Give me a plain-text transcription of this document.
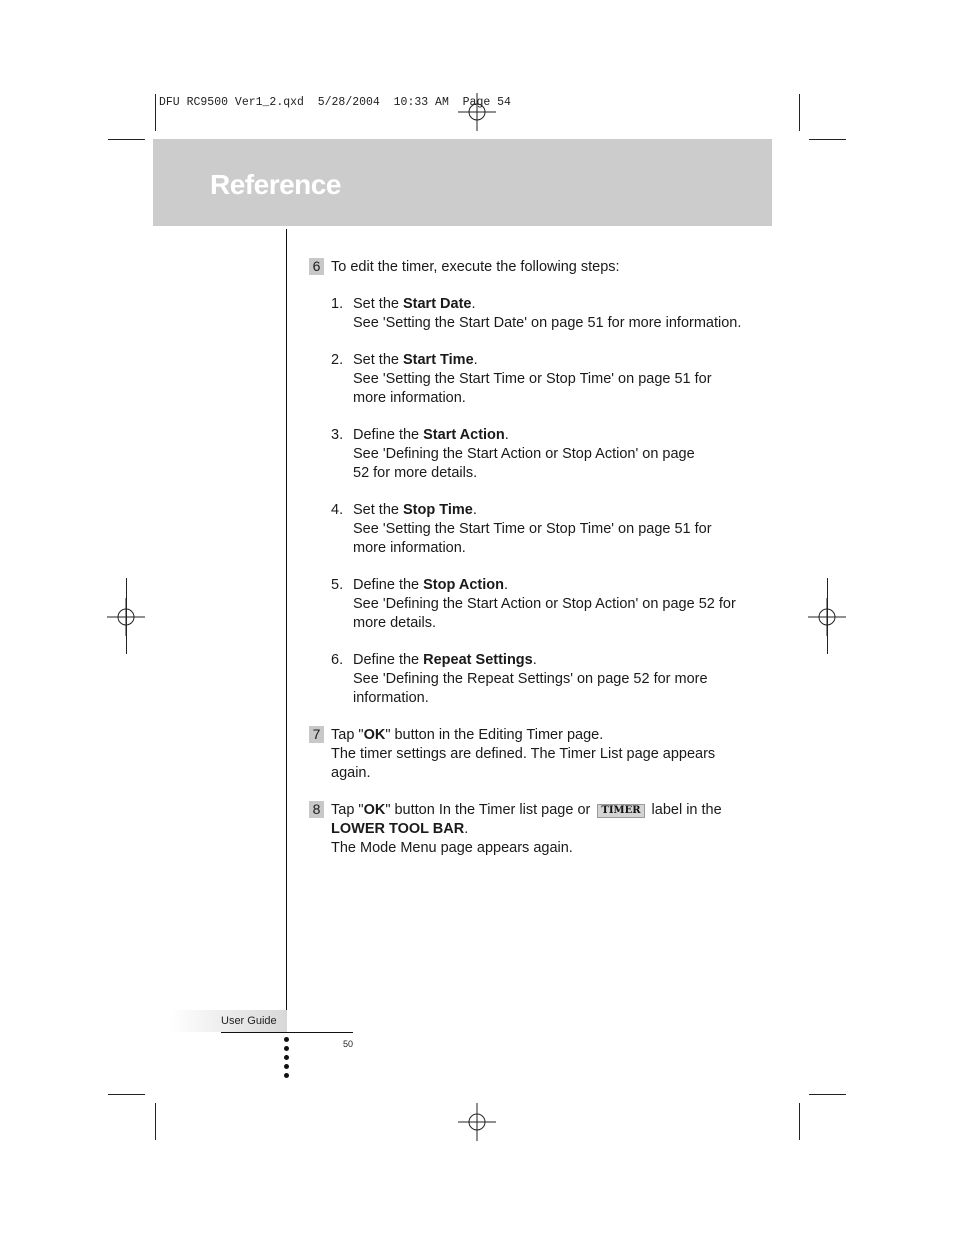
DFU RC9500 Ver1_2.qxd  5/28/2004  10:33 AM  Page 54
Reference
6 To edit the timer, execute the following steps:

1. Set the Start Date.
See 'Setting the Start Date' on page 51 for more information.
2. Set the Start Time.
See 'Setting the Start Time or Stop Time' on page 51 for
more information.
3. Define the Start Action.
See 'Defining the Start Action or Stop Action' on page
52 for more details.
4. Set the Stop Time.
See 'Setting the Start Time or Stop Time' on page 51 for
more information.
5. Define the Stop Action.
See 'Defining the Start Action or Stop Action' on page 52 for
more details.
6. Define the Repeat Settings.
See 'Defining the Repeat Settings' on page 52 for more
information.
7 Tap "OK" button in the Editing Timer page.
The timer settings are defined. The Timer List page appears
again.
8 Tap "OK" button In the Timer list page or TIMER label in the
LOWER TOOL BAR.
The Mode Menu page appears again.
User Guide
50
